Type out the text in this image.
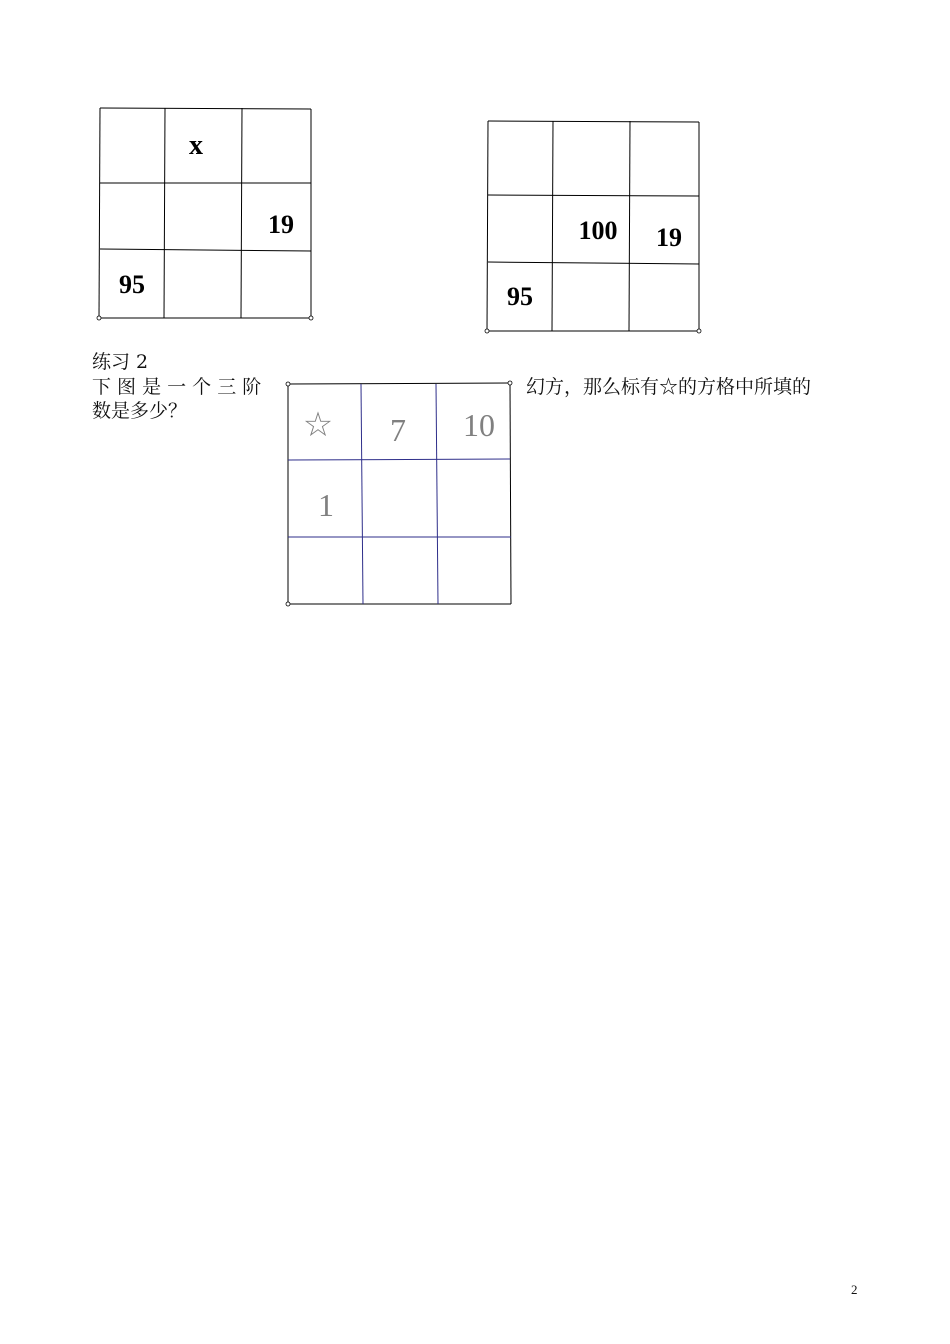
x
19
95
100 19
95
练习 2
下 图 是 一 个 三 阶	幻方，那么标有☆的方格中所填的
数是多少？	☆ 7 10
1
2
